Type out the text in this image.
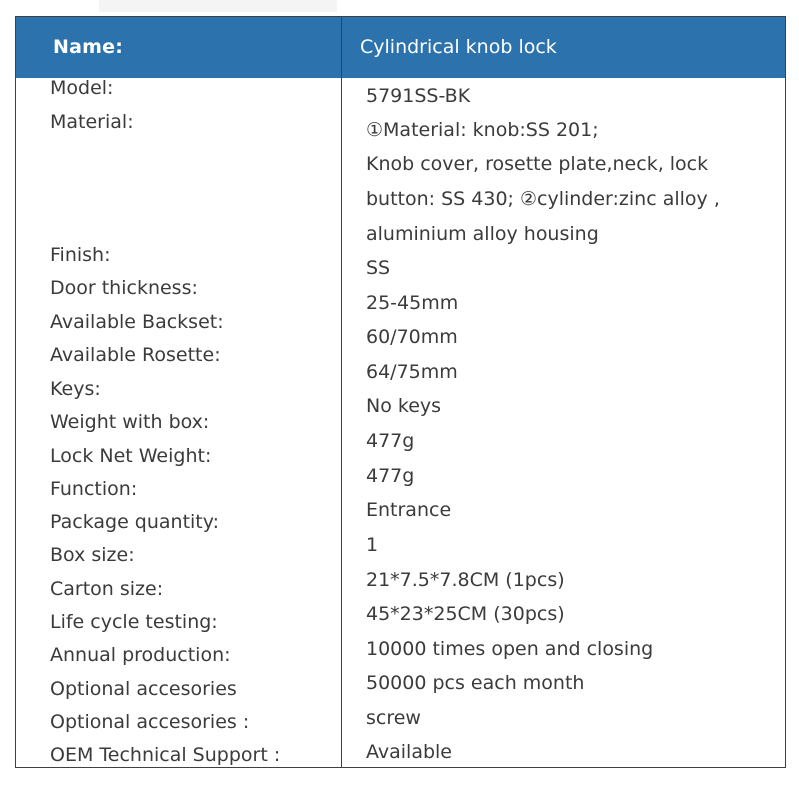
Name:	Cylindrical knob lock
Model:
Material:
Finish:
Door thickness:
Available Backset:
Available Rosette:
Keys:
Weight with box:
Lock Net Weight:
Function:
Package quantity:
Box size:
Carton size:
Life cycle testing:
Annual production:
Optional accesories
Optional accesories :
OEM Technical Support :
5791SS-BK
①Material: knob:SS 201;
Knob cover, rosette plate,neck, lock
button: SS 430; ②cylinder:zinc alloy ,
aluminium alloy housing
SS
25-45mm
60/70mm
64/75mm
No keys
477g
477g
Entrance
1
21*7.5*7.8CM (1pcs)
45*23*25CM (30pcs)
10000 times open and closing
50000 pcs each month
screw
Available
